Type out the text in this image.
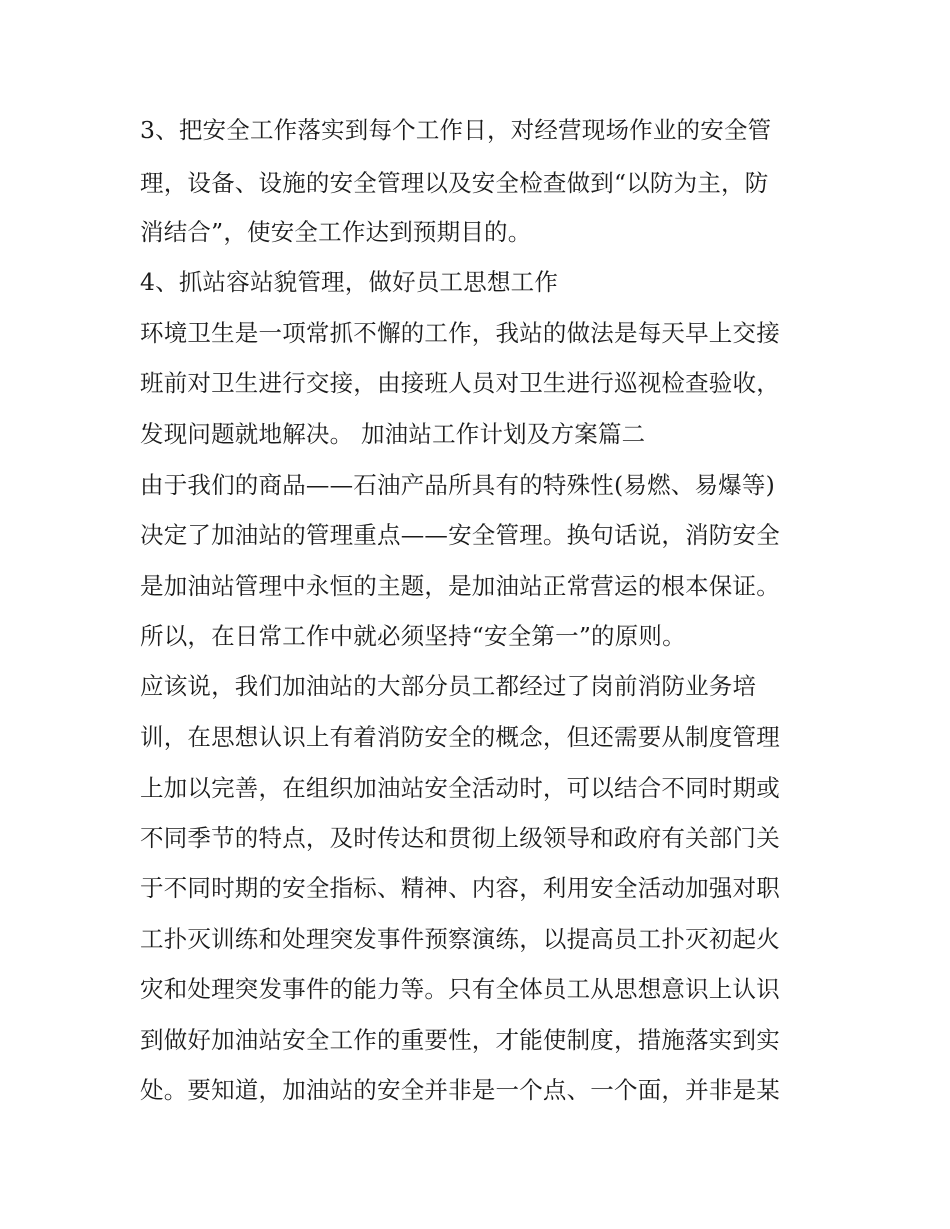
3、把安全工作落实到每个工作日，对经营现场作业的安全管
理，设备、设施的安全管理以及安全检查做到“以防为主，防
消结合”，使安全工作达到预期目的。
4、抓站容站貌管理，做好员工思想工作
环境卫生是一项常抓不懈的工作，我站的做法是每天早上交接
班前对卫生进行交接，由接班人员对卫生进行巡视检查验收，
发现问题就地解决。 加油站工作计划及方案篇二
由于我们的商品——石油产品所具有的特殊性(易燃、易爆等)
决定了加油站的管理重点——安全管理。换句话说，消防安全
是加油站管理中永恒的主题，是加油站正常营运的根本保证。
所以，在日常工作中就必须坚持“安全第一”的原则。
应该说，我们加油站的大部分员工都经过了岗前消防业务培
训，在思想认识上有着消防安全的概念，但还需要从制度管理
上加以完善，在组织加油站安全活动时，可以结合不同时期或
不同季节的特点，及时传达和贯彻上级领导和政府有关部门关
于不同时期的安全指标、精神、内容，利用安全活动加强对职
工扑灭训练和处理突发事件预察演练，以提高员工扑灭初起火
灾和处理突发事件的能力等。只有全体员工从思想意识上认识
到做好加油站安全工作的重要性，才能使制度，措施落实到实
处。要知道，加油站的安全并非是一个点、一个面，并非是某
